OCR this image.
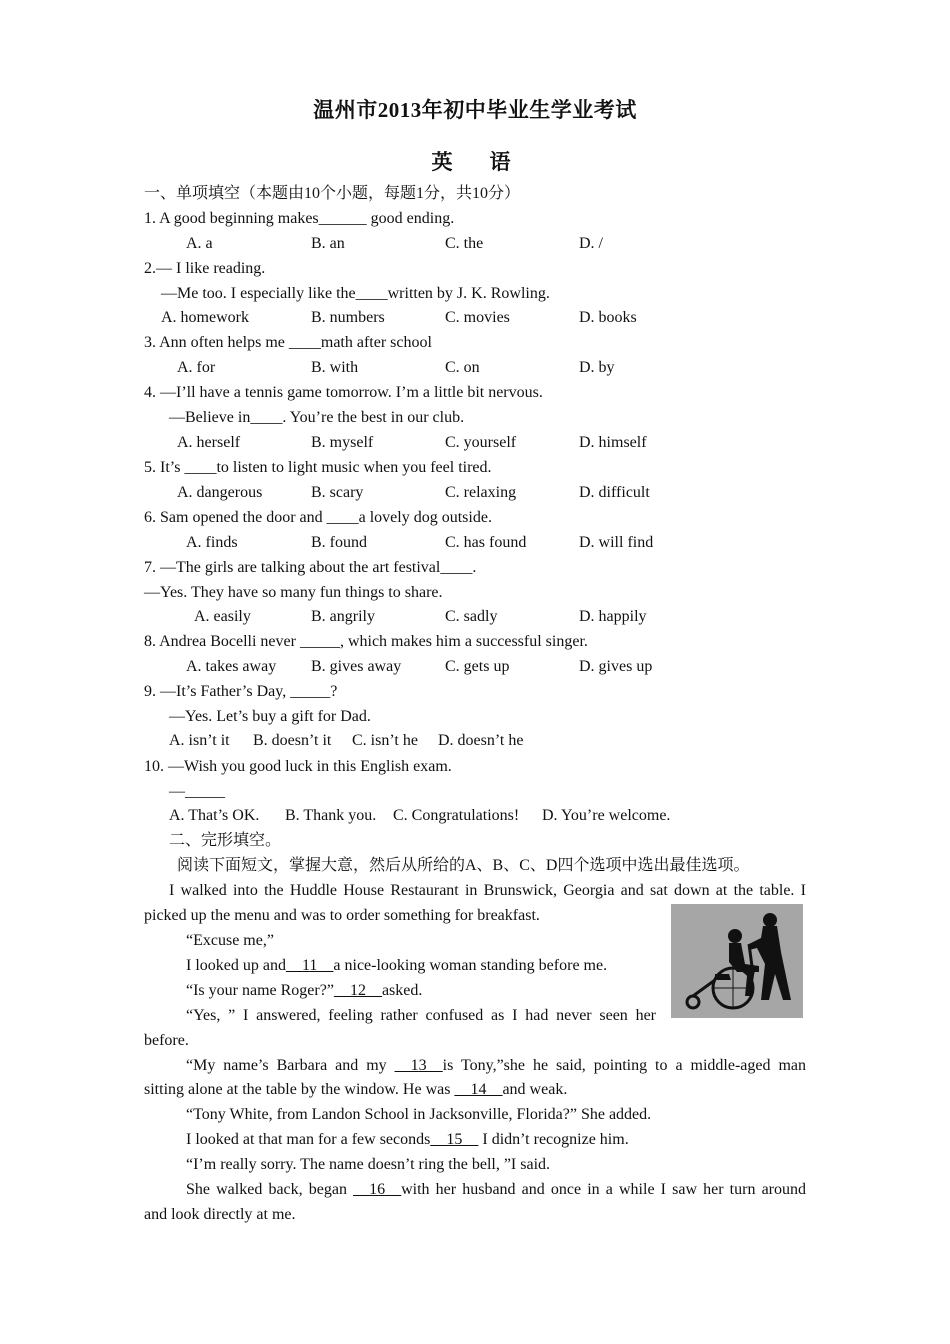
温州市2013年初中毕业生学业考试
英　语
一、单项填空（本题由10个小题，每题1分，共10分）
1. A good beginning makes______ good ending.
A. a	B. an	C. the	D. /
2.— I like reading.
—Me too. I especially like the____written by J. K. Rowling.
A. homework	B. numbers	C. movies	D. books
3. Ann often helps me ____math after school
A. for	B. with	C. on	D. by
4. —I’ll have a tennis game tomorrow. I’m a little bit nervous.
—Believe in____. You’re the best in our club.
A. herself	B. myself	C. yourself	D. himself
5. It’s ____to listen to light music when you feel tired.
A. dangerous	B. scary	C. relaxing	D. difficult
6. Sam opened the door and ____a lovely dog outside.
A. finds	B. found	C. has found	D. will find
7. —The girls are talking about the art festival____.
—Yes. They have so many fun things to share.
A. easily	B. angrily	C. sadly	D. happily
8. Andrea Bocelli never _____, which makes him a successful singer.
A. takes away B. gives away	C. gets up	D. gives up
9. —It’s Father’s Day, _____?
—Yes. Let’s buy a gift for Dad.
A. isn’t it B. doesn’t it C. isn’t he D. doesn’t he
10. —Wish you good luck in this English exam.
—_____
A. That’s OK. B. Thank you. C. Congratulations! D. You’re welcome.
二、完形填空。
阅读下面短文，掌握大意，然后从所给的A、B、C、D四个选项中选出最佳选项。
I walked into the Huddle House Restaurant in Brunswick, Georgia and sat down at the table. I
picked up the menu and was to order something for breakfast.
“Excuse me,”
I looked up and__11__a nice-looking woman standing before me.
“Is your name Roger?”__12__asked.
“Yes, ” I answered, feeling rather confused as I had never seen her
before.
“My name’s Barbara and my __13__is Tony,”she he said, pointing to a middle-aged man
sitting alone at the table by the window. He was __14__and weak.
“Tony White, from Landon School in Jacksonville, Florida?” She added.
I looked at that man for a few seconds__15__ I didn’t recognize him.
“I’m really sorry. The name doesn’t ring the bell, ”I said.
She walked back, began __16__with her husband and once in a while I saw her turn around
and look directly at me.
